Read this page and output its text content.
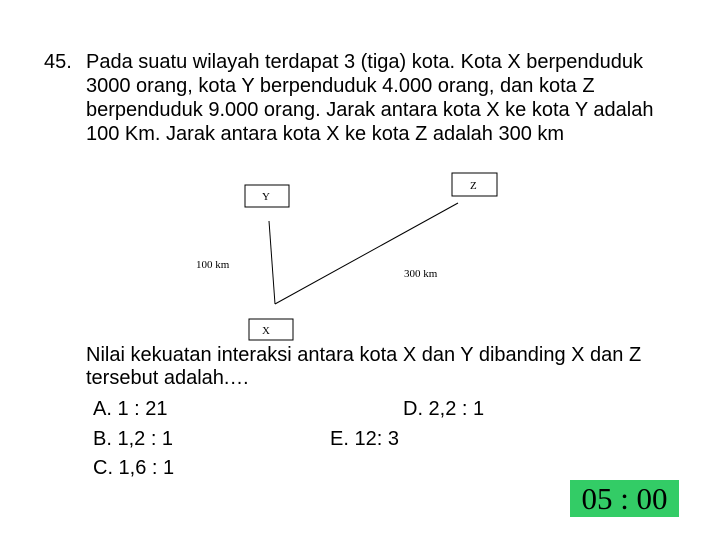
45. Pada suatu wilayah terdapat 3 (tiga) kota. Kota X berpenduduk 3000 orang, kota Y berpenduduk 4.000 orang, dan kota Z berpenduduk 9.000 orang. Jarak antara kota X ke kota Y adalah 100 Km. Jarak antara kota X ke kota Z adalah 300 km
Y
Z
X
100 km
300 km
Nilai kekuatan interaksi antara kota X dan Y dibanding X dan Z tersebut adalah.…
A. 1 : 21
B. 1,2 : 1
C. 1,6 : 1
D. 2,2 : 1
E. 12: 3
05 : 00
